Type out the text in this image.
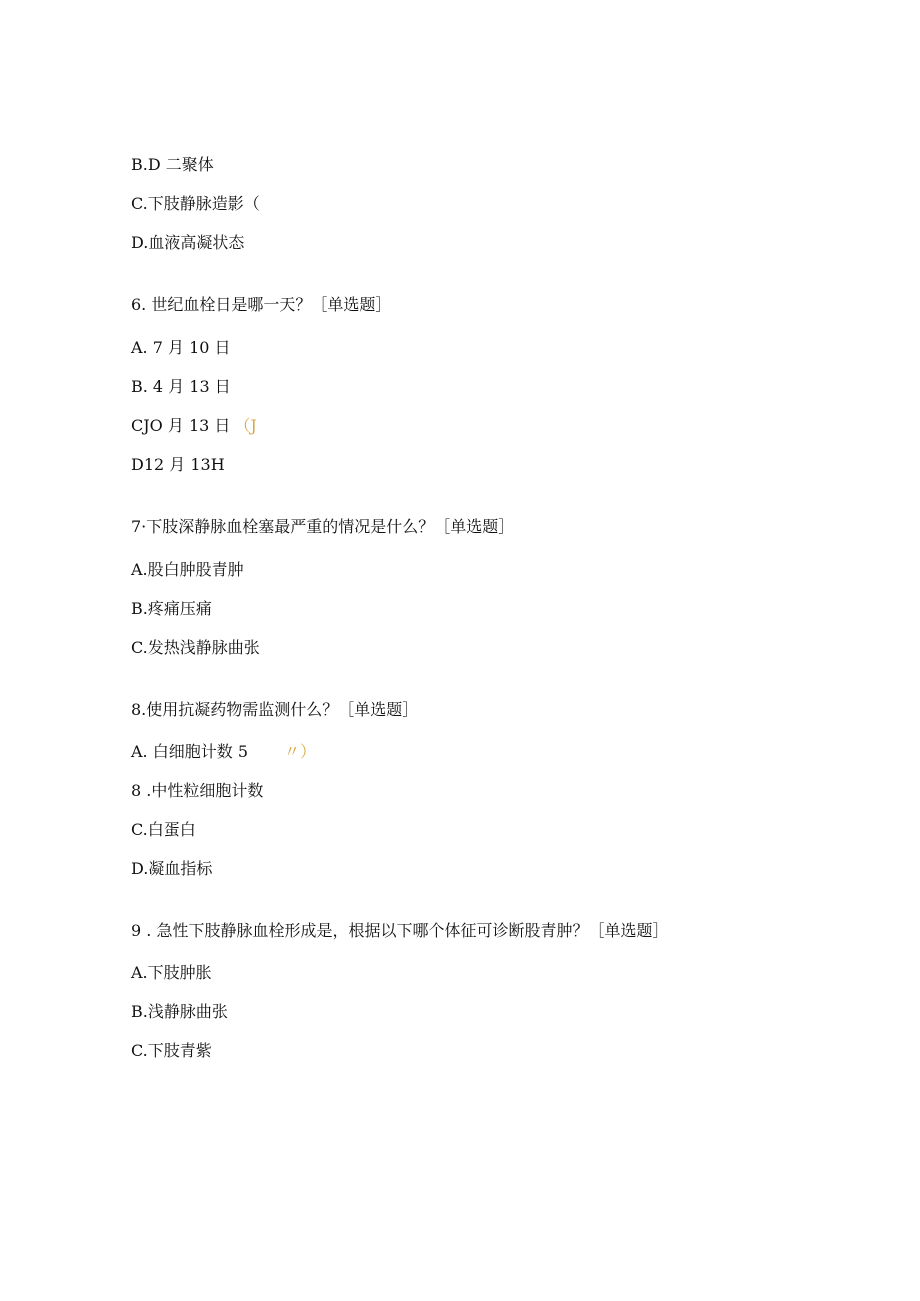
B.D 二聚体
C.下肢静脉造影（
D.血液高凝状态
6. 世纪血栓日是哪一天？［单选题］
A. 7 月 10 日
B. 4 月 13 日
CJO 月 13 日 （J
D12 月 13H
7·下肢深静脉血栓塞最严重的情况是什么？［单选题］
A.股白肿股青肿
B.疼痛压痛
C.发热浅静脉曲张
8.使用抗凝药物需监测什么？［单选题］
A. 白细胞计数 5 〃）
8 .中性粒细胞计数
C.白蛋白
D.凝血指标
9 . 急性下肢静脉血栓形成是，根据以下哪个体征可诊断股青肿？［单选题］
A.下肢肿胀
B.浅静脉曲张
C.下肢青紫
